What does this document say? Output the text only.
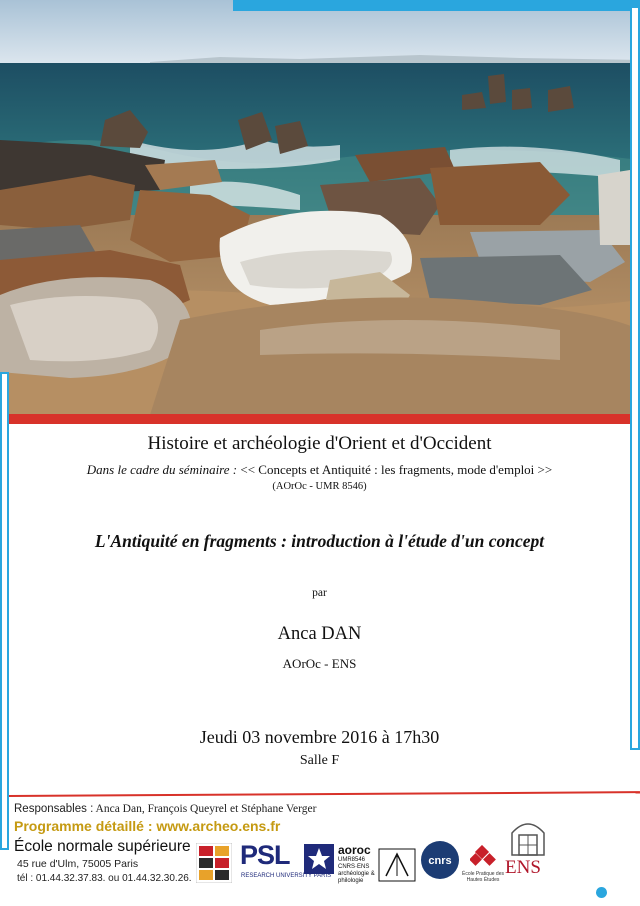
Histoire et archéologie d'Orient et d'Occident
Dans le cadre du séminaire : << Concepts et Antiquité : les fragments, mode d'emploi >>
(AOrOc - UMR 8546)
L'Antiquité en fragments : introduction à l'étude d'un concept
par
Anca DAN
AOrOc - ENS
Jeudi 03 novembre 2016 à 17h30
Salle F
Responsables : Anca Dan, François Queyrel et Stéphane Verger
Programme détaillé : www.archeo.ens.fr
École normale supérieure
45 rue d'Ulm, 75005 Paris
tél : 01.44.32.37.83. ou 01.44.32.30.26.
PSL
RESEARCH UNIVERSITY PARIS
aoroc
UMR8546 CNRS·ENS archéologie & philologie
cnrs
École Pratique des Hautes Études
ENS
